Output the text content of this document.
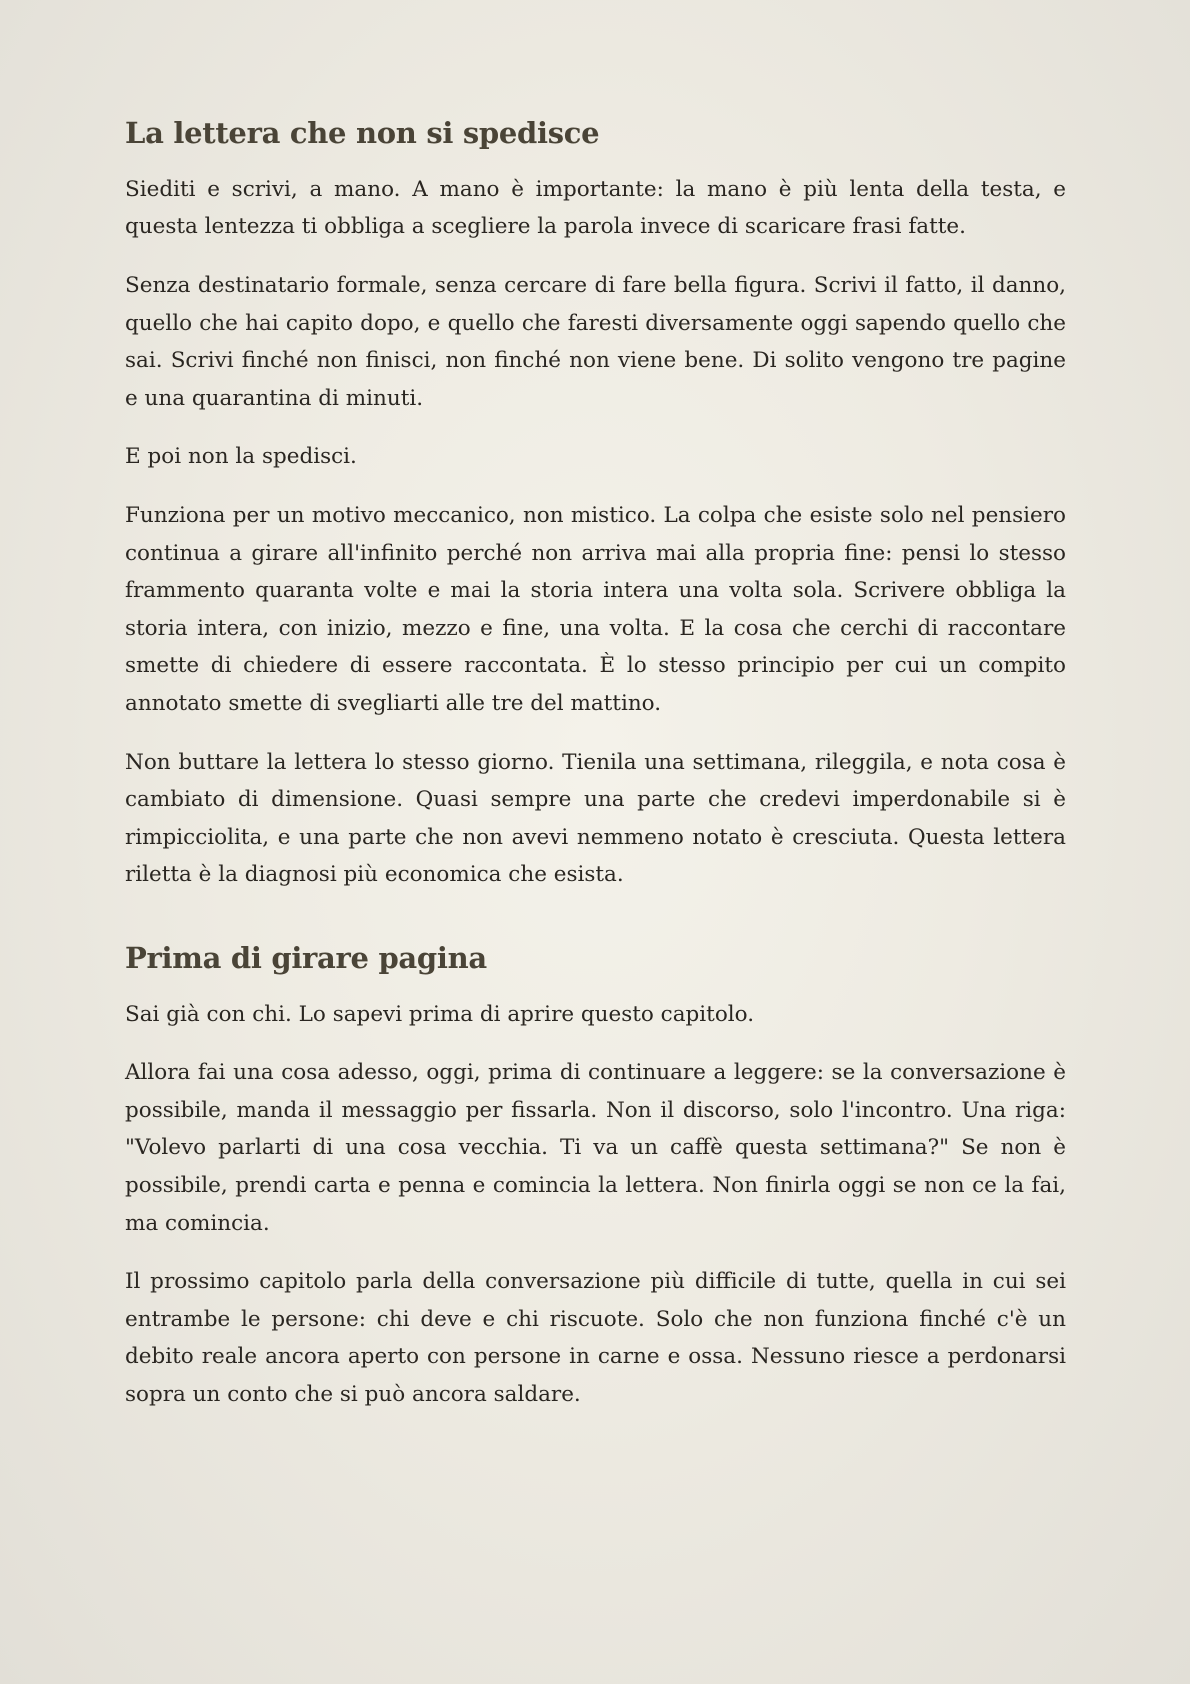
La lettera che non si spedisce

Siediti e scrivi, a mano. A mano è importante: la mano è più lenta della testa, e questa lentezza ti obbliga a scegliere la parola invece di scaricare frasi fatte.

Senza destinatario formale, senza cercare di fare bella figura. Scrivi il fatto, il danno, quello che hai capito dopo, e quello che faresti diversamente oggi sapendo quello che sai. Scrivi finché non finisci, non finché non viene bene. Di solito vengono tre pagine e una quarantina di minuti.

E poi non la spedisci.

Funziona per un motivo meccanico, non mistico. La colpa che esiste solo nel pensiero continua a girare all'infinito perché non arriva mai alla propria fine: pensi lo stesso frammento quaranta volte e mai la storia intera una volta sola. Scrivere obbliga la storia intera, con inizio, mezzo e fine, una volta. E la cosa che cerchi di raccontare smette di chiedere di essere raccontata. È lo stesso principio per cui un compito annotato smette di svegliarti alle tre del mattino.

Non buttare la lettera lo stesso giorno. Tienila una settimana, rileggila, e nota cosa è cambiato di dimensione. Quasi sempre una parte che credevi imperdonabile si è rimpicciolita, e una parte che non avevi nemmeno notato è cresciuta. Questa lettera riletta è la diagnosi più economica che esista.

Prima di girare pagina

Sai già con chi. Lo sapevi prima di aprire questo capitolo.

Allora fai una cosa adesso, oggi, prima di continuare a leggere: se la conversazione è possibile, manda il messaggio per fissarla. Non il discorso, solo l'incontro. Una riga: "Volevo parlarti di una cosa vecchia. Ti va un caffè questa settimana?" Se non è possibile, prendi carta e penna e comincia la lettera. Non finirla oggi se non ce la fai, ma comincia.

Il prossimo capitolo parla della conversazione più difficile di tutte, quella in cui sei entrambe le persone: chi deve e chi riscuote. Solo che non funziona finché c'è un debito reale ancora aperto con persone in carne e ossa. Nessuno riesce a perdonarsi sopra un conto che si può ancora saldare.
